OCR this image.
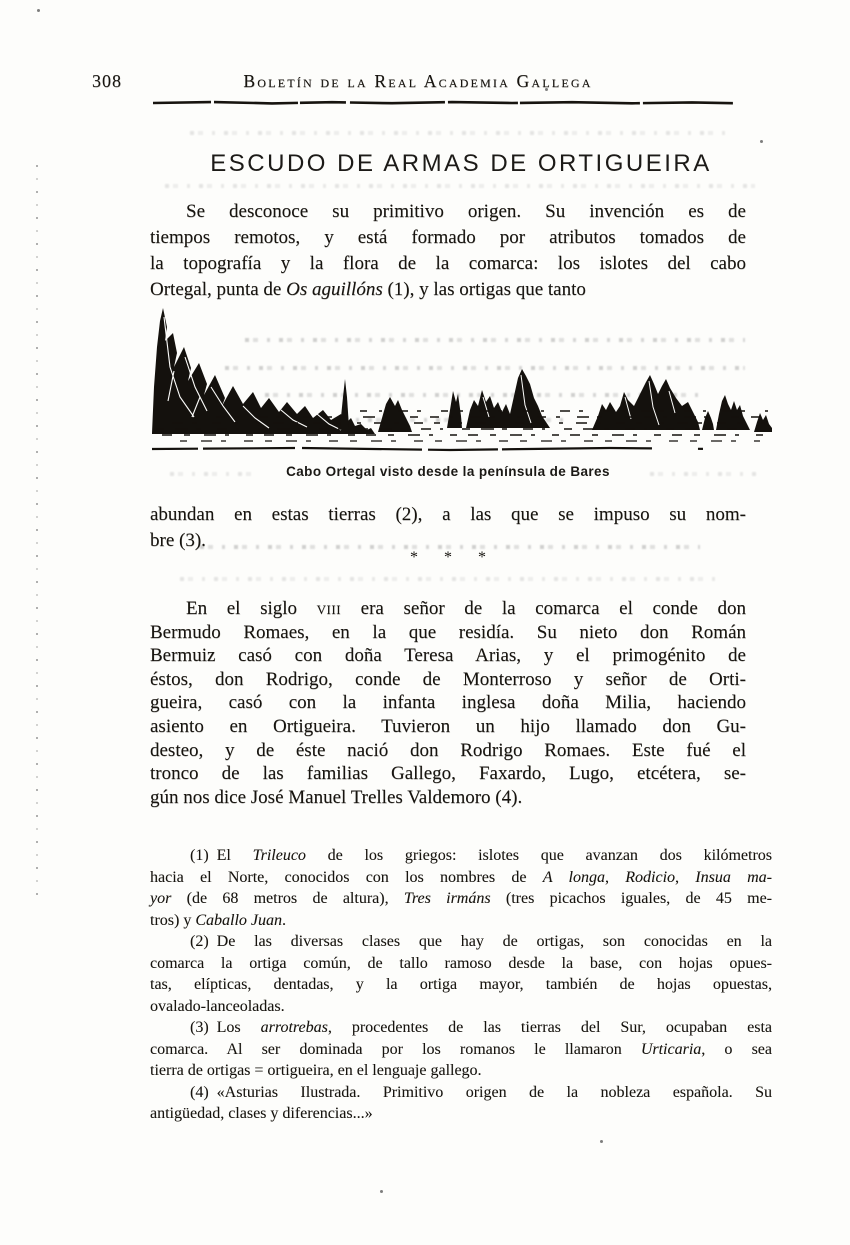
308	Boletín de la Real Academia Gallega
ESCUDO DE ARMAS DE ORTIGUEIRA
Se desconoce su primitivo origen. Su invención es de
tiempos remotos, y está formado por atributos tomados de
la topografía y la flora de la comarca: los islotes del cabo
Ortegal, punta de Os aguillóns (1), y las ortigas que tanto
Cabo Ortegal visto desde la península de Bares
abundan en estas tierras (2), a las que se impuso su nom-
bre (3).
* * *
En el siglo viii era señor de la comarca el conde don
Bermudo Romaes, en la que residía. Su nieto don Román
Bermuiz casó con doña Teresa Arias, y el primogénito de
éstos, don Rodrigo, conde de Monterroso y señor de Orti-
gueira, casó con la infanta inglesa doña Milia, haciendo
asiento en Ortigueira. Tuvieron un hijo llamado don Gu-
desteo, y de éste nació don Rodrigo Romaes. Este fué el
tronco de las familias Gallego, Faxardo, Lugo, etcétera, se-
gún nos dice José Manuel Trelles Valdemoro (4).
(1) El Trileuco de los griegos: islotes que avanzan dos kilómetros
hacia el Norte, conocidos con los nombres de A longa, Rodicio, Insua ma-
yor (de 68 metros de altura), Tres irmáns (tres picachos iguales, de 45 me-
tros) y Caballo Juan.
(2) De las diversas clases que hay de ortigas, son conocidas en la
comarca la ortiga común, de tallo ramoso desde la base, con hojas opues-
tas, elípticas, dentadas, y la ortiga mayor, también de hojas opuestas,
ovalado-lanceoladas.
(3) Los arrotrebas, procedentes de las tierras del Sur, ocupaban esta
comarca. Al ser dominada por los romanos le llamaron Urticaria, o sea
tierra de ortigas = ortigueira, en el lenguaje gallego.
(4) «Asturias Ilustrada. Primitivo origen de la nobleza española. Su
antigüedad, clases y diferencias...»
